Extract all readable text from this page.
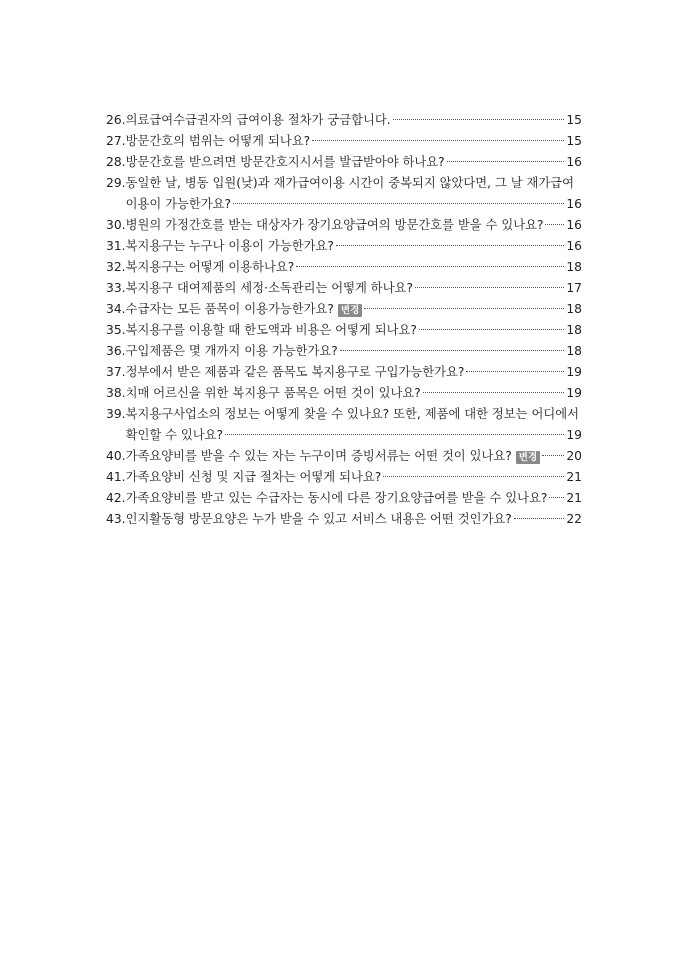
26. 의료급여수급권자의 급여이용 절차가 궁금합니다.	15
27. 방문간호의 범위는 어떻게 되나요?	15
28. 방문간호를 받으려면 방문간호지시서를 발급받아야 하나요?	16
29. 동일한 날, 병동 입원(낮)과 재가급여이용 시간이 중복되지 않았다면, 그 날 재가급여
이용이 가능한가요?	16
30. 병원의 가정간호를 받는 대상자가 장기요양급여의 방문간호를 받을 수 있나요? 16
31. 복지용구는 누구나 이용이 가능한가요?	16
32. 복지용구는 어떻게 이용하나요?	18
33. 복지용구 대여제품의 세정·소독관리는 어떻게 하나요?	17
34. 수급자는 모든 품목이 이용가능한가요? 변경	18
35. 복지용구를 이용할 때 한도액과 비용은 어떻게 되나요?	18
36. 구입제품은 몇 개까지 이용 가능한가요?	18
37. 정부에서 받은 제품과 같은 품목도 복지용구로 구입가능한가요?	19
38. 치매 어르신을 위한 복지용구 품목은 어떤 것이 있나요?	19
39. 복지용구사업소의 정보는 어떻게 찾을 수 있나요? 또한, 제품에 대한 정보는 어디에서
확인할 수 있나요?	19
40. 가족요양비를 받을 수 있는 자는 누구이며 증빙서류는 어떤 것이 있나요? 변경 20
41. 가족요양비 신청 및 지급 절차는 어떻게 되나요?	21
42. 가족요양비를 받고 있는 수급자는 동시에 다른 장기요양급여를 받을 수 있나요? 21
43. 인지활동형 방문요양은 누가 받을 수 있고 서비스 내용은 어떤 것인가요?	22
